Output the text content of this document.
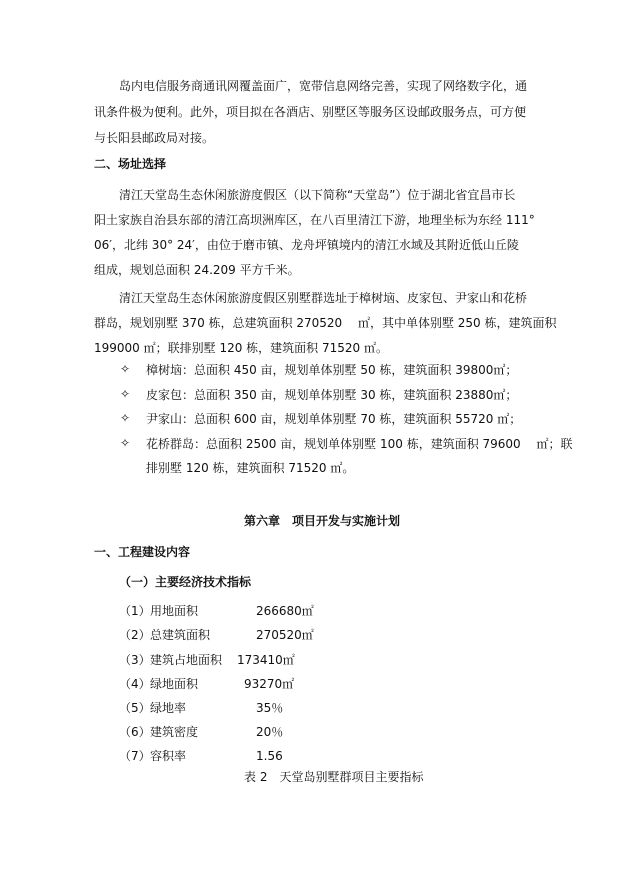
岛内电信服务商通讯网覆盖面广，宽带信息网络完善，实现了网络数字化，通
讯条件极为便利。此外，项目拟在各酒店、别墅区等服务区设邮政服务点，可方便
与长阳县邮政局对接。
二、场址选择
清江天堂岛生态休闲旅游度假区（以下简称“天堂岛”）位于湖北省宜昌市长
阳土家族自治县东部的清江高坝洲库区，在八百里清江下游，地理坐标为东经 111°
06′，北纬 30° 24′，由位于磨市镇、龙舟坪镇境内的清江水域及其附近低山丘陵
组成，规划总面积 24.209 平方千米。
清江天堂岛生态休闲旅游度假区别墅群选址于樟树垴、皮家包、尹家山和花桥
群岛，规划别墅 370 栋，总建筑面积 270520　 ㎡，其中单体别墅 250 栋，建筑面积
199000 ㎡；联排别墅 120 栋，建筑面积 71520 ㎡。
✧ 樟树垴：总面积 450 亩，规划单体别墅 50 栋，建筑面积 39800㎡；
✧ 皮家包：总面积 350 亩，规划单体别墅 30 栋，建筑面积 23880㎡；
✧ 尹家山：总面积 600 亩，规划单体别墅 70 栋，建筑面积 55720 ㎡；
✧ 花桥群岛：总面积 2500 亩，规划单体别墅 100 栋，建筑面积 79600　 ㎡；联
排别墅 120 栋，建筑面积 71520 ㎡。
第六章　项目开发与实施计划
一、工程建设内容
（一）主要经济技术指标
（1） 用地面积	266680㎡
（2） 总建筑面积	270520㎡
（3） 建筑占地面积 173410㎡
（4） 绿地面积	93270㎡
（5） 绿地率	35％
（6） 建筑密度	20％
（7） 容积率	1.56
表 2　天堂岛别墅群项目主要指标
